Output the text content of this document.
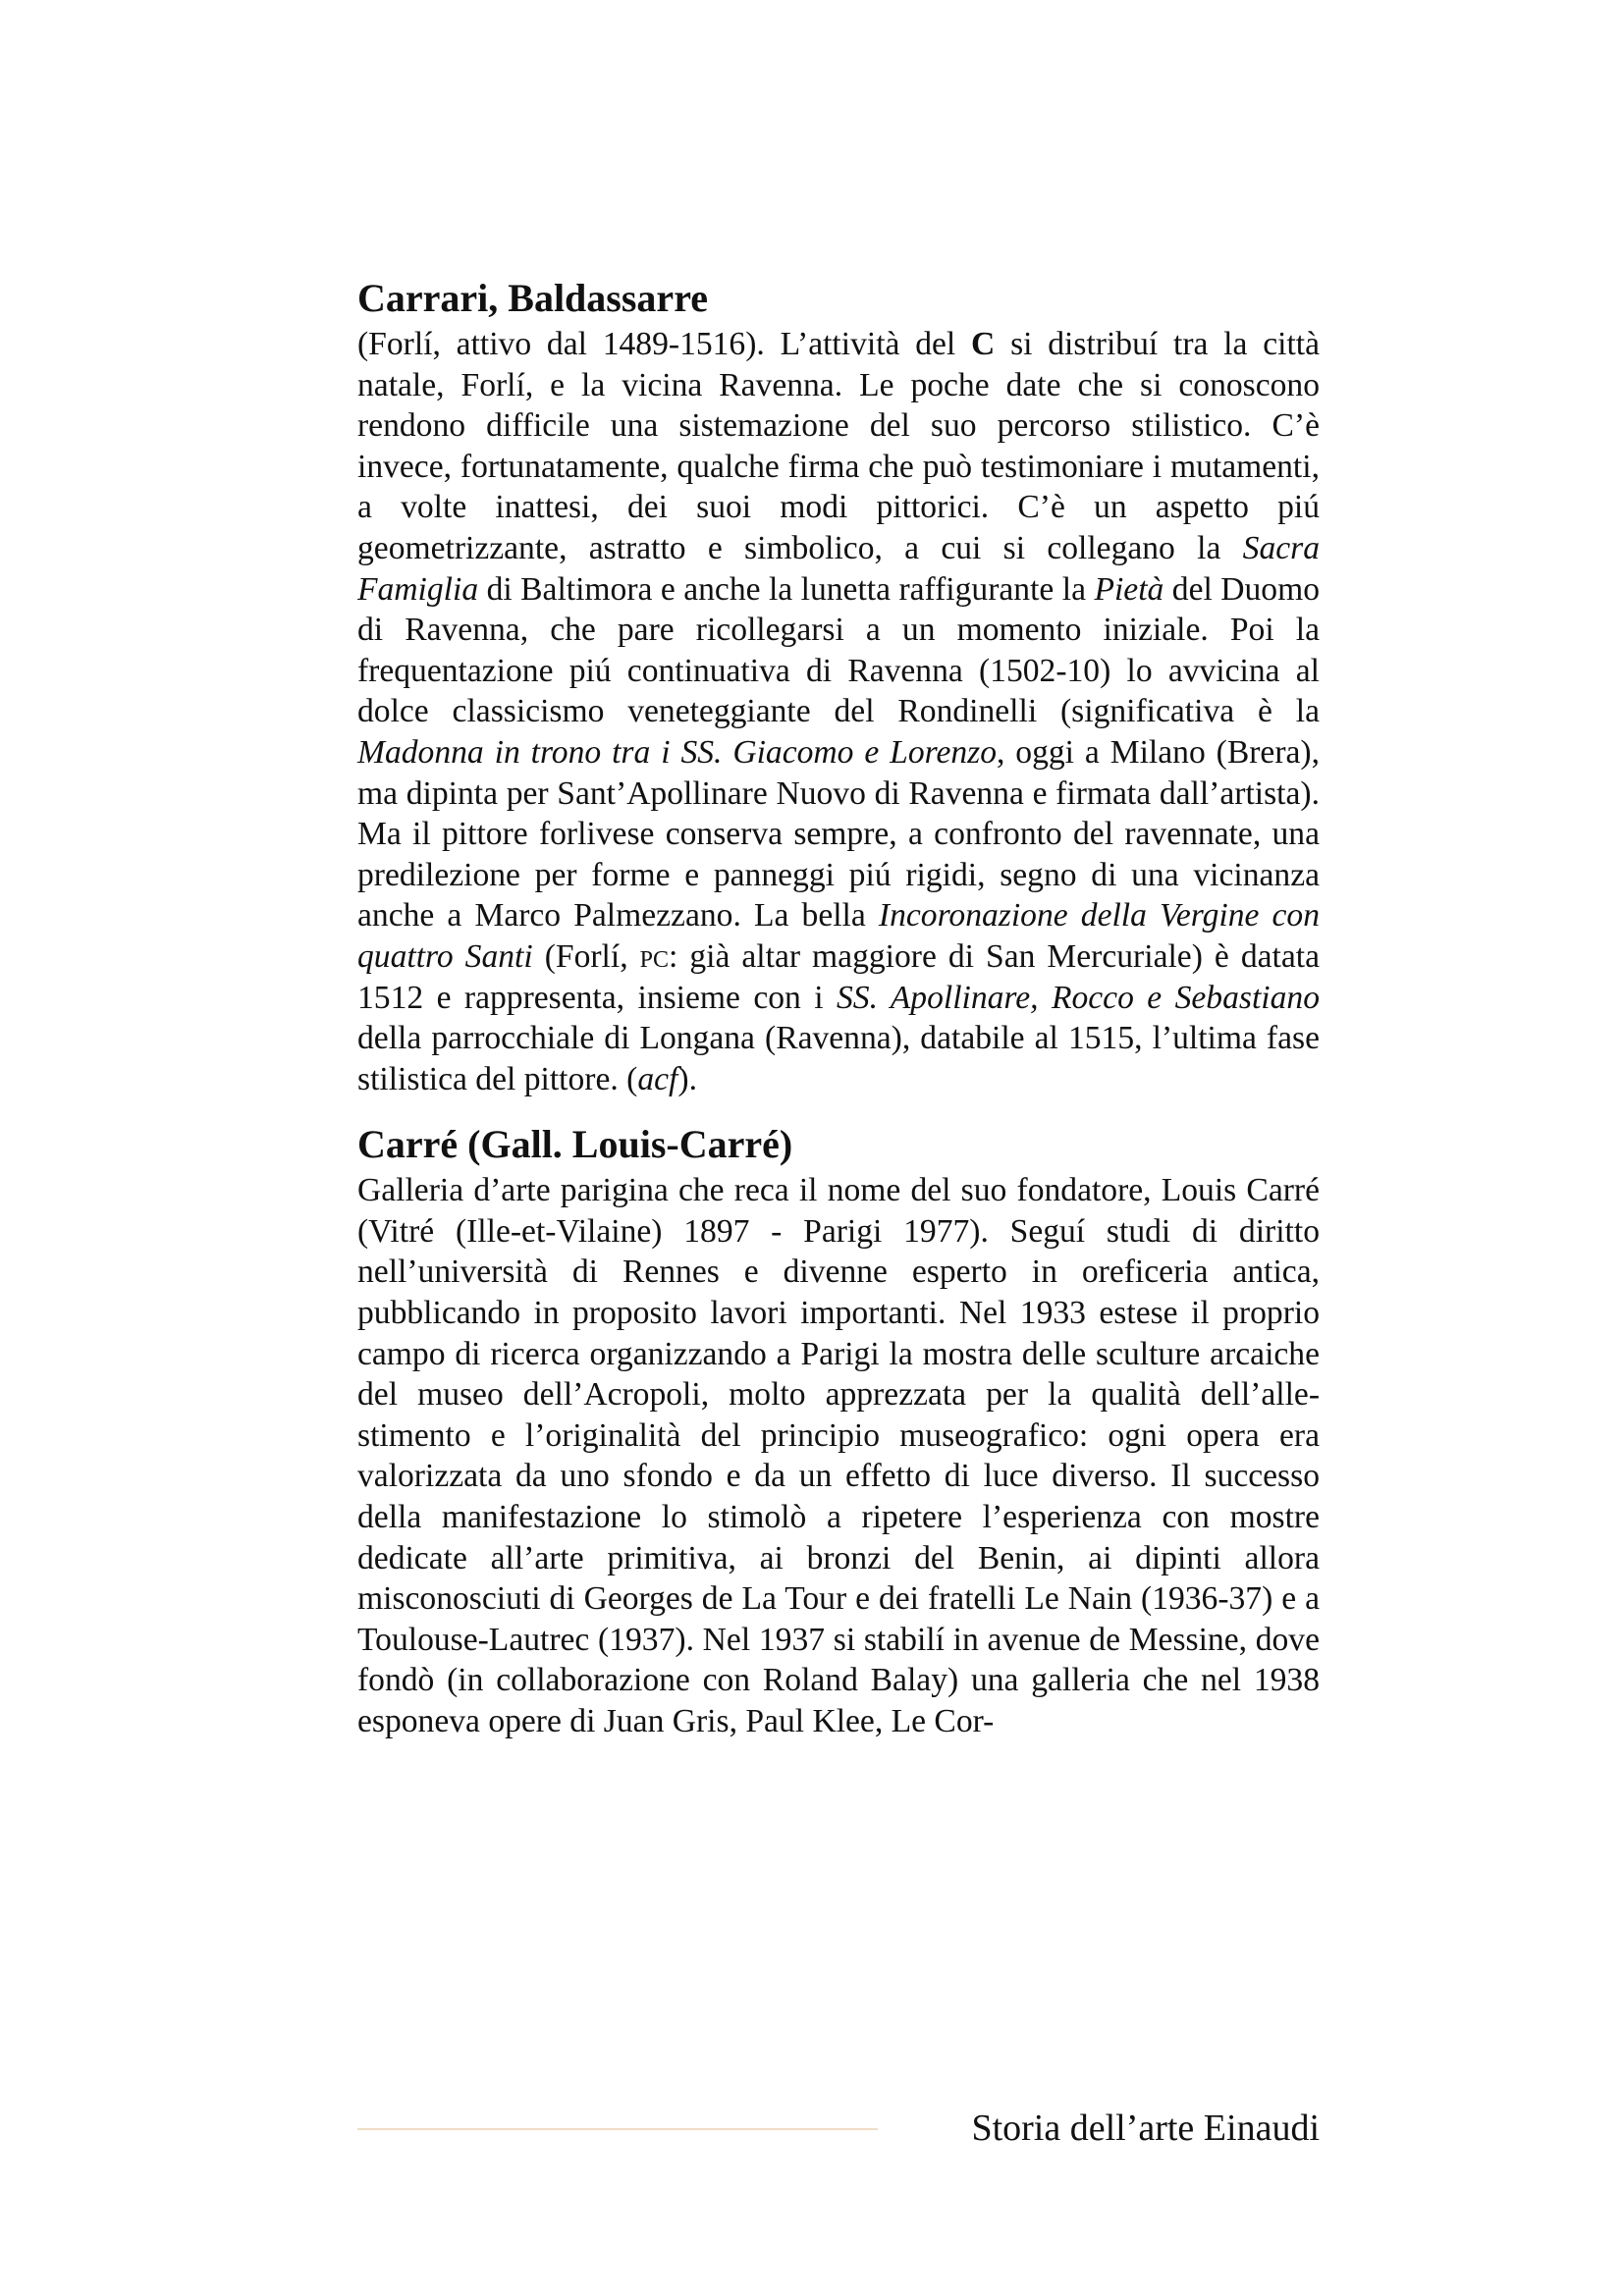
Carrari, Baldassarre

(Forlí, attivo dal 1489-1516). L’attività del C si distribuí tra la città natale, Forlí, e la vicina Ravenna. Le poche date che si conoscono rendono difficile una sistemazione del suo percorso stilistico. C’è invece, fortunatamente, qualche firma che può testimoniare i mutamenti, a volte inattesi, dei suoi modi pittorici. C’è un aspetto piú geometrizzante, astratto e simbolico, a cui si collegano la Sacra Famiglia di Baltimora e anche la lunetta raffigurante la Pietà del Duomo di Ravenna, che pare ricollegarsi a un momento iniziale. Poi la frequentazione piú continuativa di Ravenna (1502-10) lo avvicina al dolce classicismo veneteggiante del Rondinelli (significativa è la Madonna in trono tra i SS. Giacomo e Lorenzo, oggi a Milano (Brera), ma dipinta per Sant’Apollinare Nuovo di Ravenna e firmata dall’artista). Ma il pittore forlivese conserva sempre, a confronto del ravennate, una predilezione per forme e panneggi piú rigidi, segno di una vicinanza anche a Marco Palmezzano. La bella Incoronazione della Vergine con quattro Santi (Forlí, pc: già altar maggiore di San Mercuriale) è datata 1512 e rappresenta, insieme con i SS. Apollinare, Rocco e Sebastiano della parrocchiale di Longana (Ravenna), databile al 1515, l’ultima fase stilistica del pittore. (acf).

Carré (Gall. Louis-Carré)

Galleria d’arte parigina che reca il nome del suo fondatore, Louis Carré (Vitré (Ille-et-Vilaine) 1897 - Parigi 1977). Seguí studi di diritto nell’università di Rennes e divenne esperto in oreficeria antica, pubblicando in proposito lavori importanti. Nel 1933 estese il proprio campo di ricerca organizzando a Parigi la mostra delle sculture arcaiche del museo dell’Acropoli, molto apprezzata per la qualità dell’allestimento e l’originalità del principio museografico: ogni opera era valorizzata da uno sfondo e da un effetto di luce diverso. Il successo della manifestazione lo stimolò a ripetere l’esperienza con mostre dedicate all’arte primitiva, ai bronzi del Benin, ai dipinti allora misconosciuti di Georges de La Tour e dei fratelli Le Nain (1936-37) e a Toulouse-Lautrec (1937). Nel 1937 si stabilí in avenue de Messine, dove fondò (in collaborazione con Roland Balay) una galleria che nel 1938 esponeva opere di Juan Gris, Paul Klee, Le Cor-

Storia dell’arte Einaudi
